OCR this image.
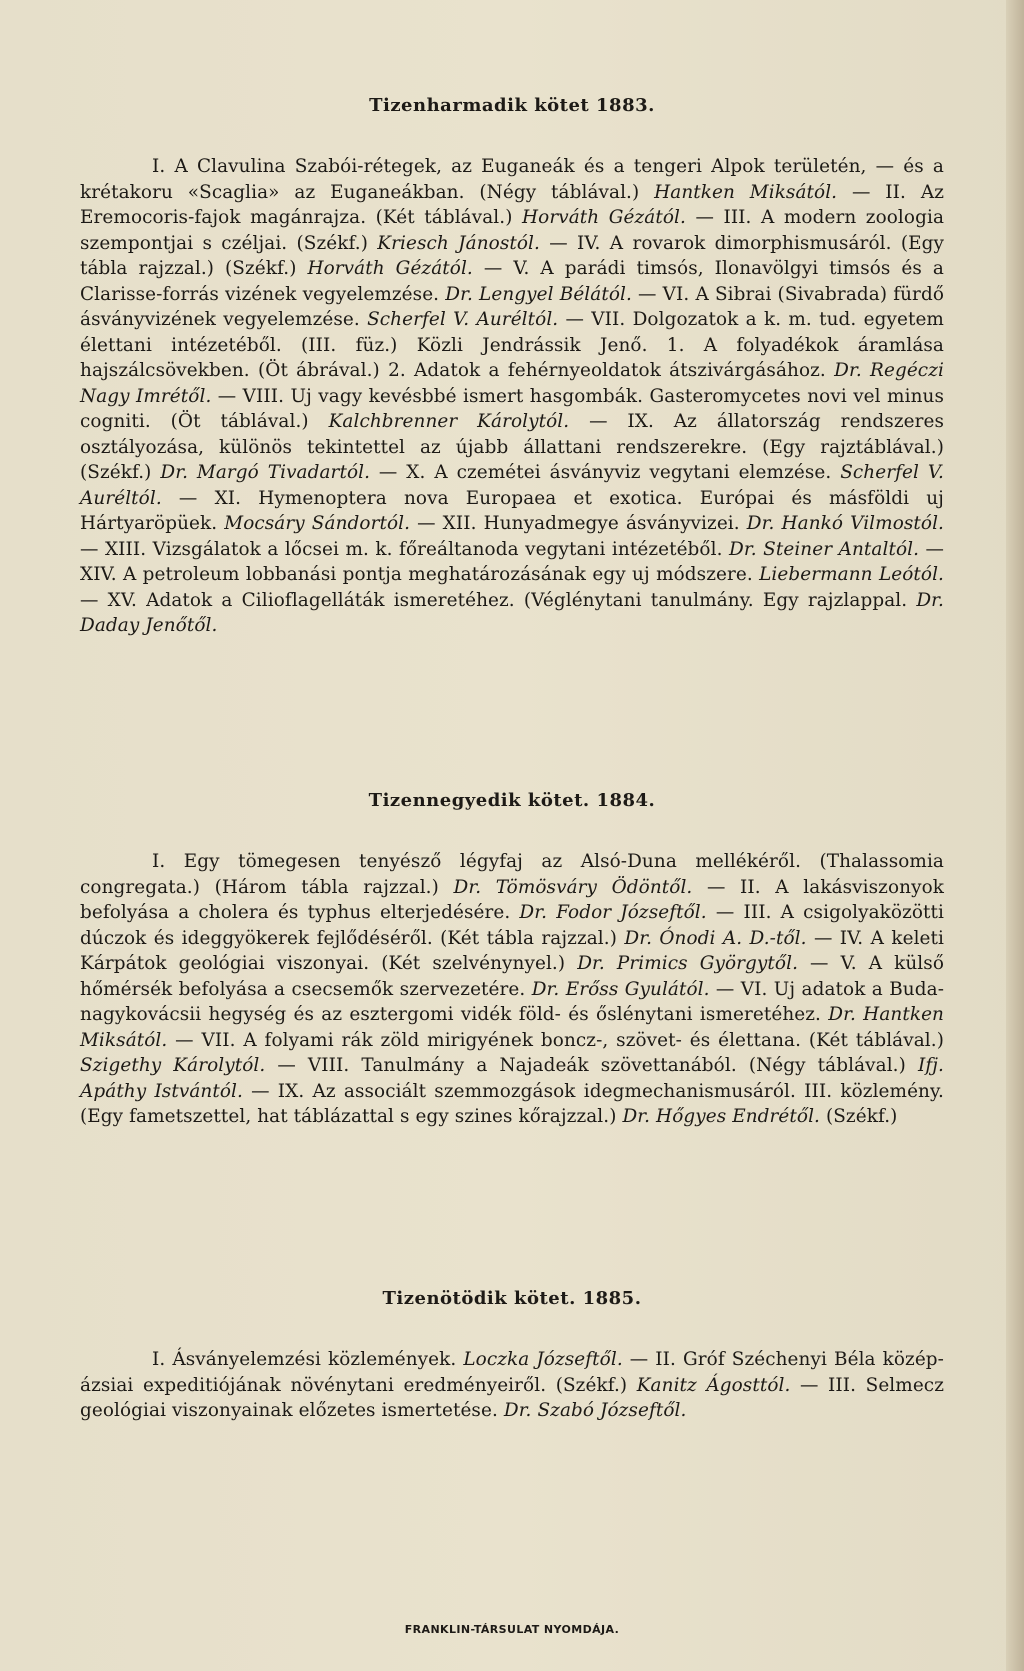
Tizenharmadik kötet 1883.

I. A Clavulina Szabói-rétegek, az Euganeák és a tengeri Alpok területén, — és a krétakoru «Scaglia» az Euganeákban. (Négy táblával.) Hantken Miksától. — II. Az Eremocoris-fajok magánrajza. (Két táblával.) Horváth Gézától. — III. A modern zoologia szempontjai s czéljai. (Székf.) Kriesch Jánostól. — IV. A rovarok dimorphismusáról. (Egy tábla rajzzal.) (Székf.) Horváth Gézától. — V. A parádi timsós, Ilonavölgyi timsós és a Clarisse-forrás vizének vegyelemzése. Dr. Lengyel Bélától. — VI. A Sibrai (Sivabrada) fürdő ásványvizének vegyelemzése. Scherfel V. Auréltól. — VII. Dolgozatok a k. m. tud. egyetem élettani intézetéből. (III. füz.) Közli Jendrássik Jenő. 1. A folyadékok áramlása hajszálcsövekben. (Öt ábrával.) 2. Adatok a fehérnyeoldatok átszivárgásához. Dr. Regéczi Nagy Imrétől. — VIII. Uj vagy kevésbbé ismert hasgombák. Gasteromycetes novi vel minus cogniti. (Öt táblával.) Kalchbrenner Károlytól. — IX. Az állatország rendszeres osztályozása, különös tekintettel az újabb állattani rendszerekre. (Egy rajztáblával.) (Székf.) Dr. Margó Tivadartól. — X. A czemétei ásványviz vegytani elemzése. Scherfel V. Auréltól. — XI. Hymenoptera nova Europaea et exotica. Európai és másföldi uj Hártyaröpüek. Mocsáry Sándortól. — XII. Hunyadmegye ásványvizei. Dr. Hankó Vilmostól. — XIII. Vizsgálatok a lőcsei m. k. főreáltanoda vegytani intézetéből. Dr. Steiner Antaltól. — XIV. A petroleum lobbanási pontja meghatározásának egy uj módszere. Liebermann Leótól. — XV. Adatok a Cilioflagelláták ismeretéhez. (Véglénytani tanulmány. Egy rajzlappal. Dr. Daday Jenőtől.

Tizennegyedik kötet. 1884.

I. Egy tömegesen tenyésző légyfaj az Alsó-Duna mellékéről. (Thalassomia congregata.) (Három tábla rajzzal.) Dr. Tömösváry Ödöntől. — II. A lakásviszonyok befolyása a cholera és typhus elterjedésére. Dr. Fodor Józseftől. — III. A csigolyaközötti dúczok és ideggyökerek fejlődéséről. (Két tábla rajzzal.) Dr. Ónodi A. D.-től. — IV. A keleti Kárpátok geológiai viszonyai. (Két szelvénynyel.) Dr. Primics Györgytől. — V. A külső hőmérsék befolyása a csecsemők szervezetére. Dr. Erőss Gyulától. — VI. Uj adatok a Buda-nagykovácsii hegység és az esztergomi vidék föld- és őslénytani ismeretéhez. Dr. Hantken Miksától. — VII. A folyami rák zöld mirigyének boncz-, szövet- és élettana. (Két táblával.) Szigethy Károlytól. — VIII. Tanulmány a Najadeák szövettanából. (Négy táblával.) Ifj. Apáthy Istvántól. — IX. Az associált szemmozgások idegmechanismusáról. III. közlemény. (Egy fametszettel, hat táblázattal s egy szines kőrajzzal.) Dr. Hőgyes Endrétől. (Székf.)

Tizenötödik kötet. 1885.

I. Ásványelemzési közlemények. Loczka Józseftől. — II. Gróf Széchenyi Béla közép-ázsiai expeditiójának növénytani eredményeiről. (Székf.) Kanitz Ágosttól. — III. Selmecz geológiai viszonyainak előzetes ismertetése. Dr. Szabó Józseftől.

FRANKLIN-TÁRSULAT NYOMDÁJA.
